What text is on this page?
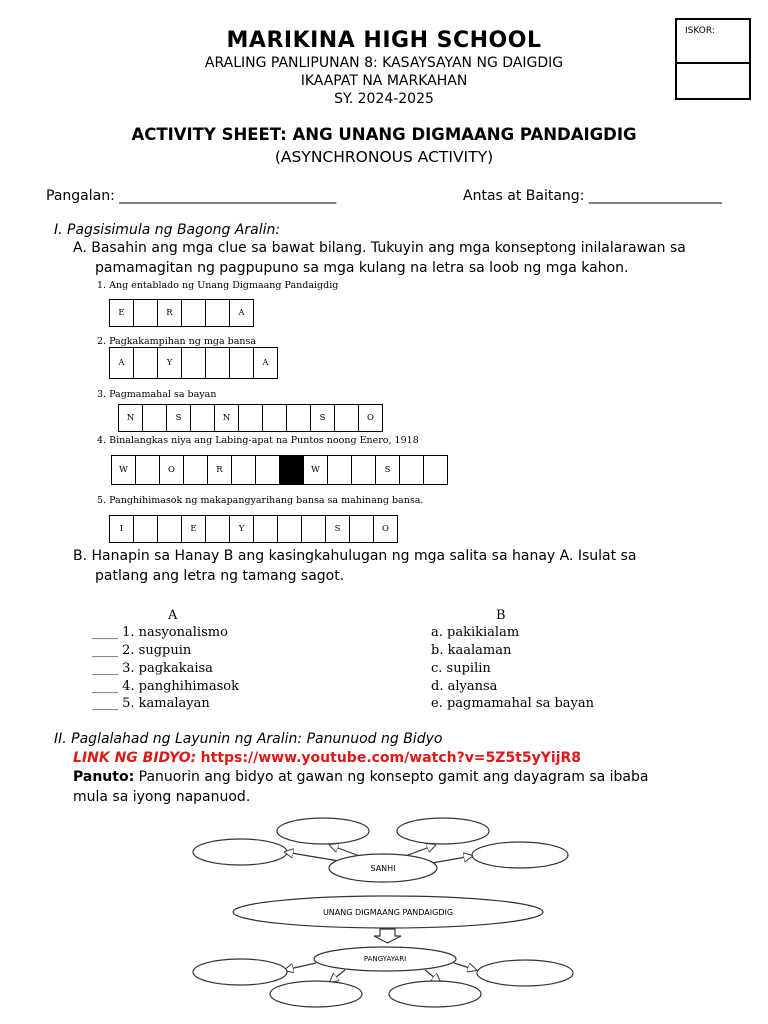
ISKOR:
MARIKINA HIGH SCHOOL
ARALING PANLIPUNAN 8: KASAYSAYAN NG DAIGDIG
IKAAPAT NA MARKAHAN
SY. 2024-2025
ACTIVITY SHEET: ANG UNANG DIGMAANG PANDAIGDIG
(ASYNCHRONOUS ACTIVITY)
Pangalan: _______________________________	Antas at Baitang: ___________________
I. Pagsisimula ng Bagong Aralin:
A. Basahin ang mga clue sa bawat bilang. Tukuyin ang mga konseptong inilalarawan sa
pamamagitan ng pagpupuno sa mga kulang na letra sa loob ng mga kahon.
1. Ang entablado ng Unang Digmaang Pandaigdig
E	R	A
2. Pagkakampihan ng mga bansa
A	Y	A
3. Pagmamahal sa bayan
N	S	N	S	O
4. Binalangkas niya ang Labing-apat na Puntos noong Enero, 1918
W	O	R	W	S
5. Panghihimasok ng makapangyarihang bansa sa mahinang bansa.
I	E	Y	S	O
B. Hanapin sa Hanay B ang kasingkahulugan ng mga salita sa hanay A. Isulat sa
patlang ang letra ng tamang sagot.
A	B
____ 1. nasyonalismo
____ 2. sugpuin
____ 3. pagkakaisa
____ 4. panghihimasok
____ 5. kamalayan
a. pakikialam
b. kaalaman
c. supilin
d. alyansa
e. pagmamahal sa bayan
II. Paglalahad ng Layunin ng Aralin: Panunuod ng Bidyo
LINK NG BIDYO: https://www.youtube.com/watch?v=5Z5t5yYijR8
Panuto: Panuorin ang bidyo at gawan ng konsepto gamit ang dayagram sa ibaba
mula sa iyong napanuod.
SANHI
UNANG DIGMAANG PANDAIGDIG
PANGYAYARI
